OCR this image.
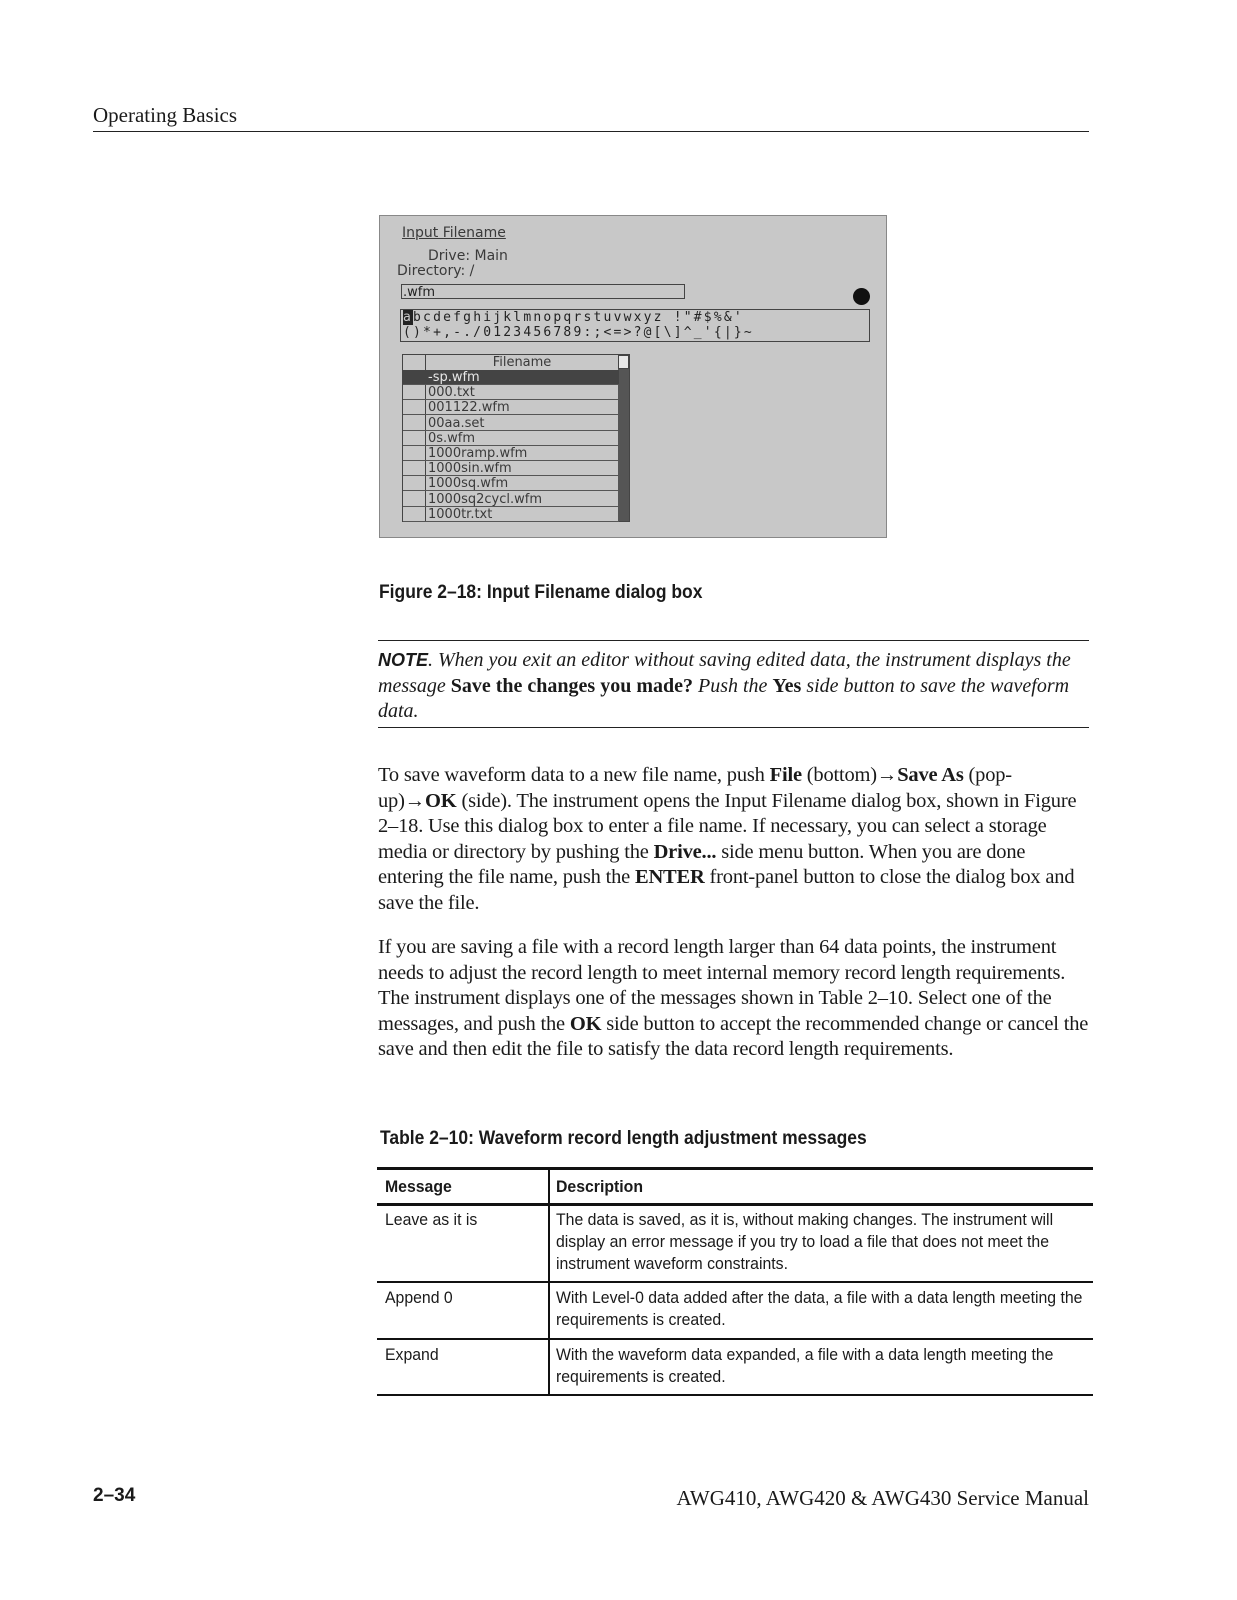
Operating Basics
Input Filename
Drive: Main
Directory: /
.wfm
abcdefghijklmnopqrstuvwxyz !"#$%&'
()*+,-./0123456789:;<=>?@[\]^_'{|}~
Filename
-sp.wfm
000.txt
001122.wfm
00aa.set
0s.wfm
1000ramp.wfm
1000sin.wfm
1000sq.wfm
1000sq2cycl.wfm
1000tr.txt
Figure 2–18: Input Filename dialog box
NOTE. When you exit an editor without saving edited data, the instrument displays the message Save the changes you made? Push the Yes side button to save the waveform data.
To save waveform data to a new file name, push File (bottom)→Save As (pop-up)→OK (side). The instrument opens the Input Filename dialog box, shown in Figure 2–18. Use this dialog box to enter a file name. If necessary, you can select a storage media or directory by pushing the Drive... side menu button. When you are done entering the file name, push the ENTER front-panel button to close the dialog box and save the file.
If you are saving a file with a record length larger than 64 data points, the instrument needs to adjust the record length to meet internal memory record length requirements. The instrument displays one of the messages shown in Table 2–10. Select one of the messages, and push the OK side button to accept the recommended change or cancel the save and then edit the file to satisfy the data record length requirements.
Table 2–10: Waveform record length adjustment messages
Message	Description
Leave as it is	The data is saved, as it is, without making changes. The instrument will display an error message if you try to load a file that does not meet the instrument waveform constraints.
Append 0	With Level-0 data added after the data, a file with a data length meeting the requirements is created.
Expand	With the waveform data expanded, a file with a data length meeting the requirements is created.
2–34	AWG410, AWG420 & AWG430 Service Manual
